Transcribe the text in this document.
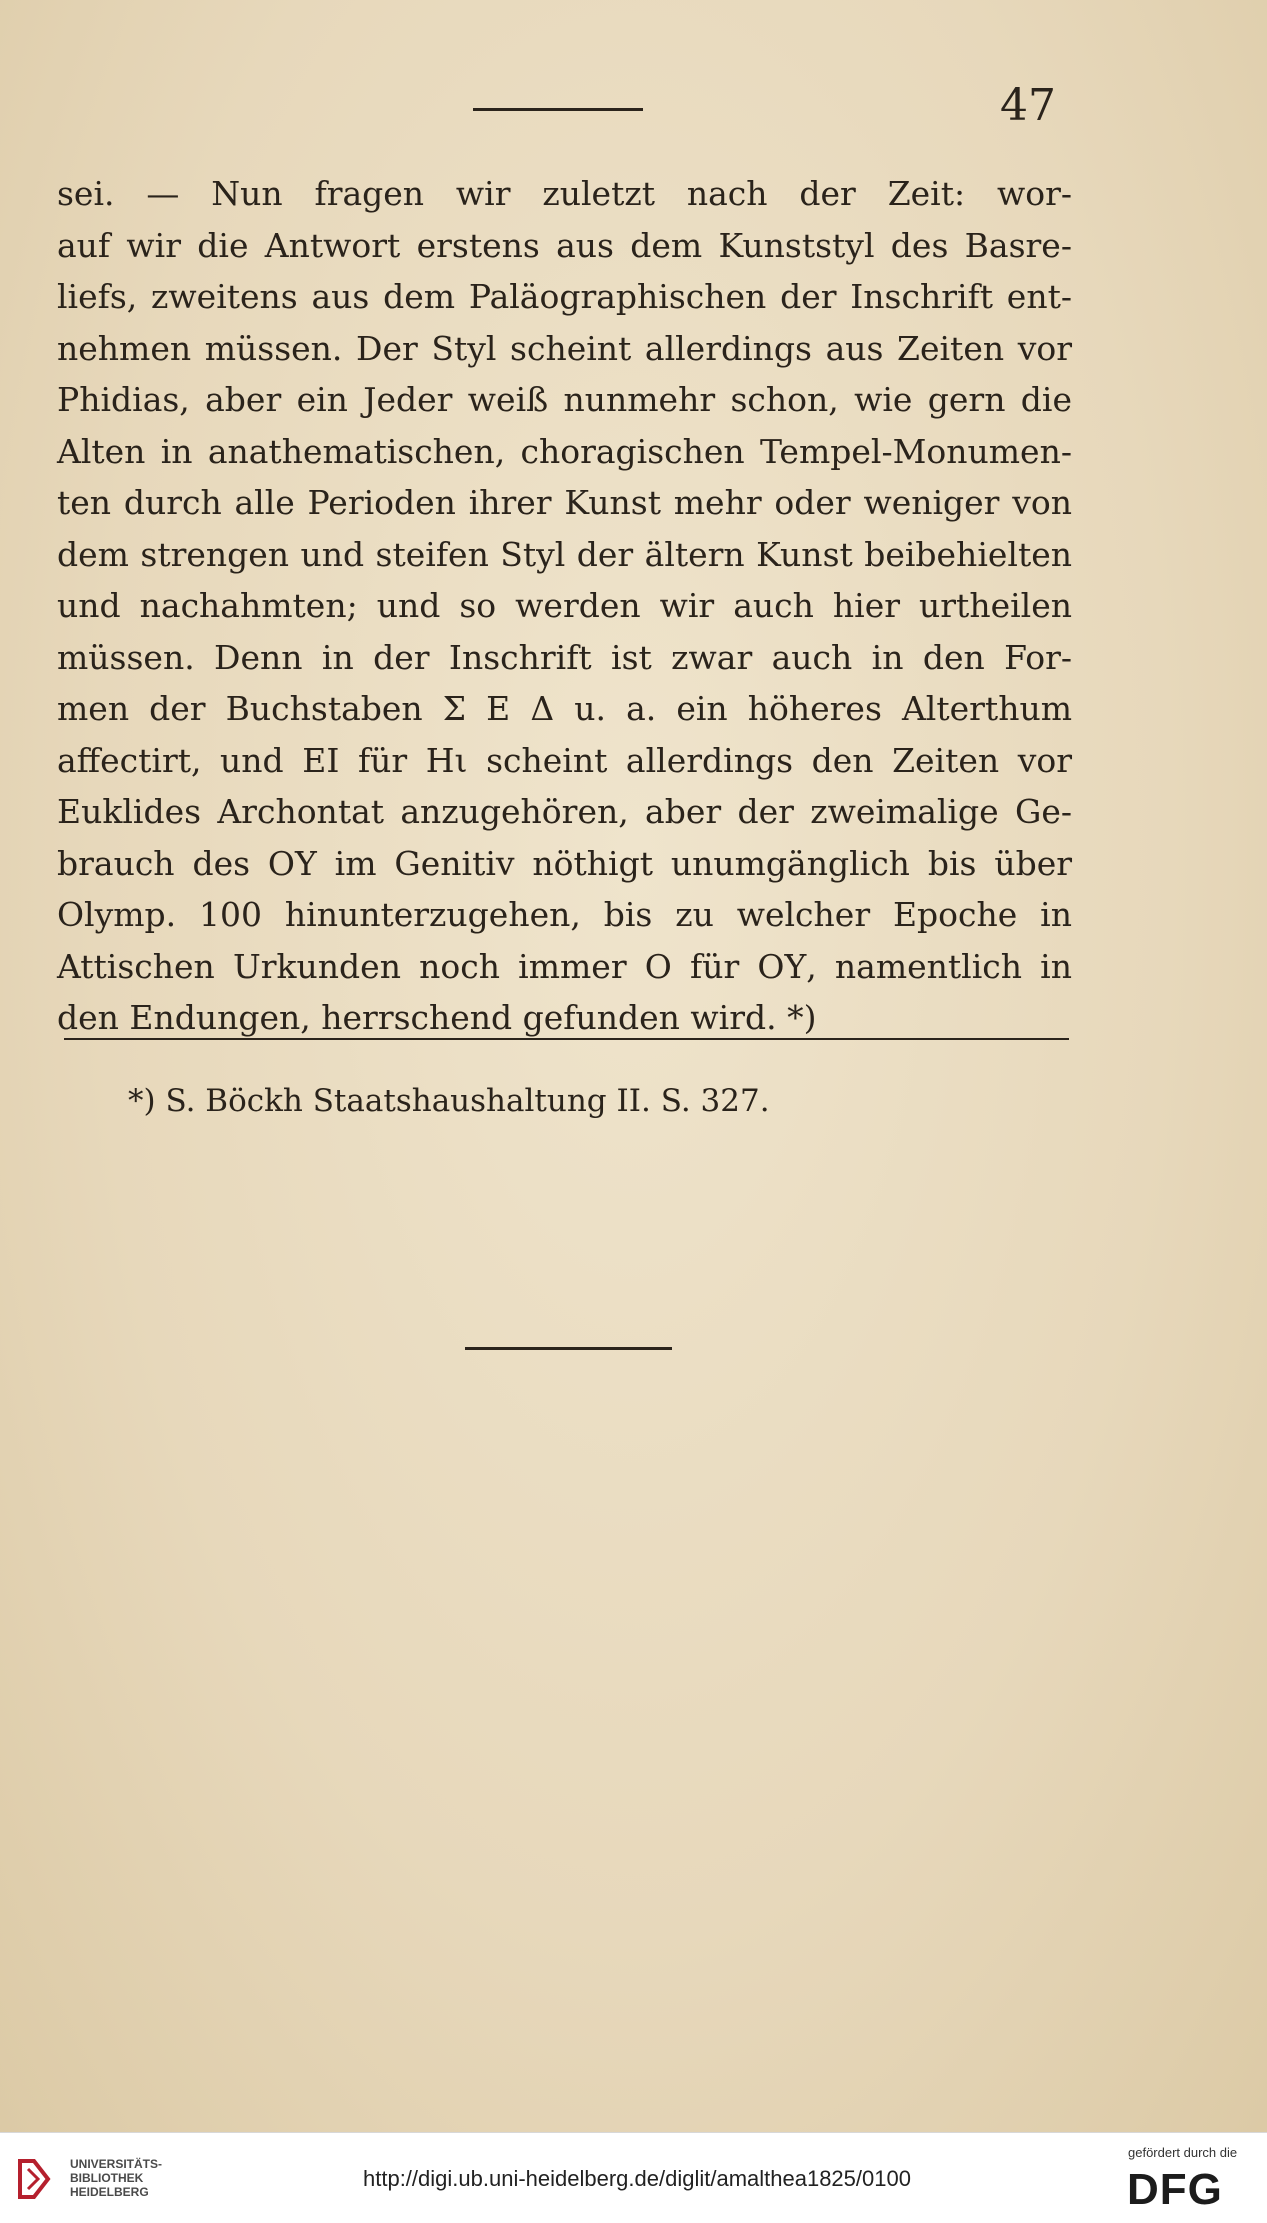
47
sei. — Nun fragen wir zuletzt nach der Zeit: wor-
auf wir die Antwort erstens aus dem Kunststyl des Basre-
liefs, zweitens aus dem Paläographischen der Inschrift ent-
nehmen müssen. Der Styl scheint allerdings aus Zeiten vor
Phidias, aber ein Jeder weiß nunmehr schon, wie gern die
Alten in anathematischen, choragischen Tempel-Monumen-
ten durch alle Perioden ihrer Kunst mehr oder weniger von
dem strengen und steifen Styl der ältern Kunst beibehielten
und nachahmten; und so werden wir auch hier urtheilen
müssen. Denn in der Inschrift ist zwar auch in den For-
men der Buchstaben Σ Ε Δ u. a. ein höheres Alterthum
affectirt, und ΕΙ für Ηι scheint allerdings den Zeiten vor
Euklides Archontat anzugehören, aber der zweimalige Ge-
brauch des ΟΥ im Genitiv nöthigt unumgänglich bis über
Olymp. 100 hinunterzugehen, bis zu welcher Epoche in
Attischen Urkunden noch immer Ο für ΟΥ, namentlich in
den Endungen, herrschend gefunden wird. *)
*) S. Böckh Staatshaushaltung II. S. 327.
UNIVERSITÄTS-
BIBLIOTHEK
HEIDELBERG
http://digi.ub.uni-heidelberg.de/diglit/amalthea1825/0100
gefördert durch die
DFG
